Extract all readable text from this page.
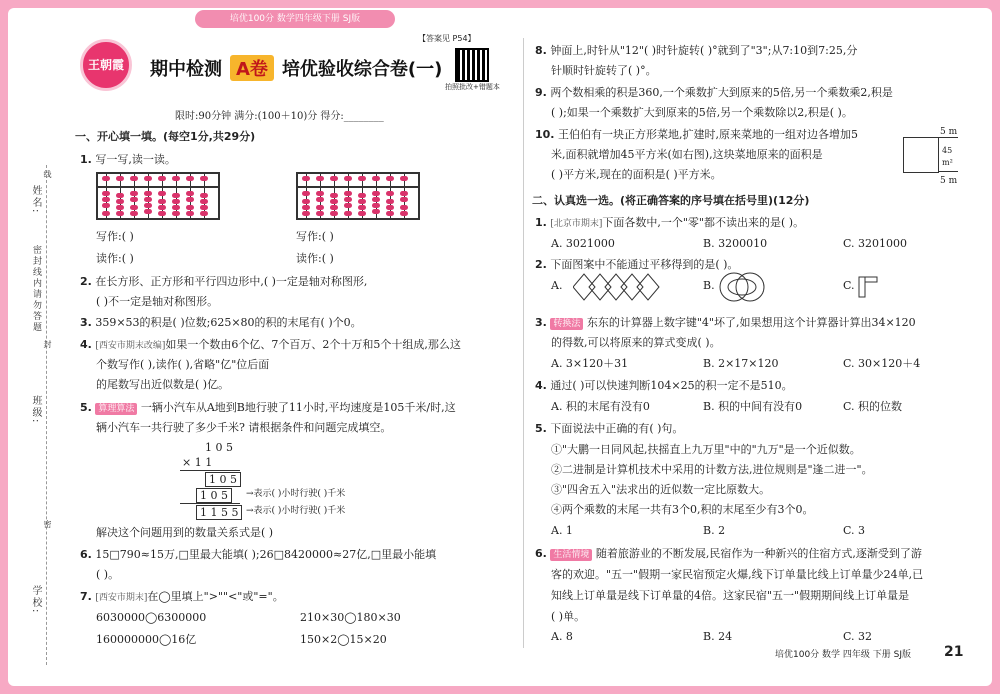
培优100分 数学四年级下册 SJ版
姓名:
密封线内请勿答题
班级:
学校:
线
封
密
王朝霞	期中检测 A卷 培优验收综合卷(一)
【答案见 P54】
拍照批改+错题本
限时:90分钟 满分:(100＋10)分 得分:________
一、开心填一填。(每空1分,共29分)
1. 写一写,读一读。
写作:( )
读作:( )
写作:( )
读作:( )
2. 在长方形、正方形和平行四边形中,( )一定是轴对称图形,
( )不一定是轴对称图形。
3. 359×53的积是( )位数;625×80的积的末尾有( )个0。
4. [西安市期末改编]如果一个数由6个亿、7个百万、2个十万和5个十组成,那么这
个数写作( ),读作( ),省略"亿"位后面
的尾数写出近似数是( )亿。
5. 算理算法 一辆小汽车从A地到B地行驶了11小时,平均速度是105千米/时,这
辆小汽车一共行驶了多少千米? 请根据条件和问题完成填空。
1 0 5
× 1 1
1 0 5
1 0 5
1 1 5 5
→表示( )小时行驶( )千米
→表示( )小时行驶( )千米
解决这个问题用到的数量关系式是( )
6. 15□790≈15万,□里最大能填( );26□8420000≈27亿,□里最小能填
( )。
7. [西安市期末]在◯里填上">""<"或"="。
6030000◯6300000	210×30◯180×30
160000000◯16亿	150×2◯15×20
8. 钟面上,时针从"12"( )时针旋转( )°就到了"3";从7:10到7:25,分
针顺时针旋转了( )°。
9. 两个数相乘的积是360,一个乘数扩大到原来的5倍,另一个乘数乘2,积是
( );如果一个乘数扩大到原来的5倍,另一个乘数除以2,积是( )。
10. 王伯伯有一块正方形菜地,扩建时,原来菜地的一组对边各增加5
米,面积就增加45平方米(如右图),这块菜地原来的面积是
( )平方米,现在的面积是( )平方米。
5 m
45
m²
5 m
二、认真选一选。(将正确答案的序号填在括号里)(12分)
1. [北京市期末]下面各数中,一个"零"都不读出来的是( )。
A. 3021000	B. 3200010	C. 3201000
2. 下面图案中不能通过平移得到的是( )。
A.	B.	C.
3. 转换法 东东的计算器上数字键"4"坏了,如果想用这个计算器计算出34×120
的得数,可以将原来的算式变成( )。
A. 3×120＋31	B. 2×17×120	C. 30×120＋4
4. 通过( )可以快速判断104×25的积一定不是510。
A. 积的末尾有没有0	B. 积的中间有没有0	C. 积的位数
5. 下面说法中正确的有( )句。
①"大鹏一日同风起,扶摇直上九万里"中的"九万"是一个近似数。
②二进制是计算机技术中采用的计数方法,进位规则是"逢二进一"。
③"四舍五入"法求出的近似数一定比原数大。
④两个乘数的末尾一共有3个0,积的末尾至少有3个0。
A. 1	B. 2	C. 3
6. 生活情境 随着旅游业的不断发展,民宿作为一种新兴的住宿方式,逐渐受到了游
客的欢迎。"五一"假期一家民宿预定火爆,线下订单量比线上订单量少24单,已
知线上订单量是线下订单量的4倍。这家民宿"五一"假期期间线上订单量是
( )单。
A. 8	B. 24	C. 32
培优100分 数学 四年级 下册 SJ版 21
